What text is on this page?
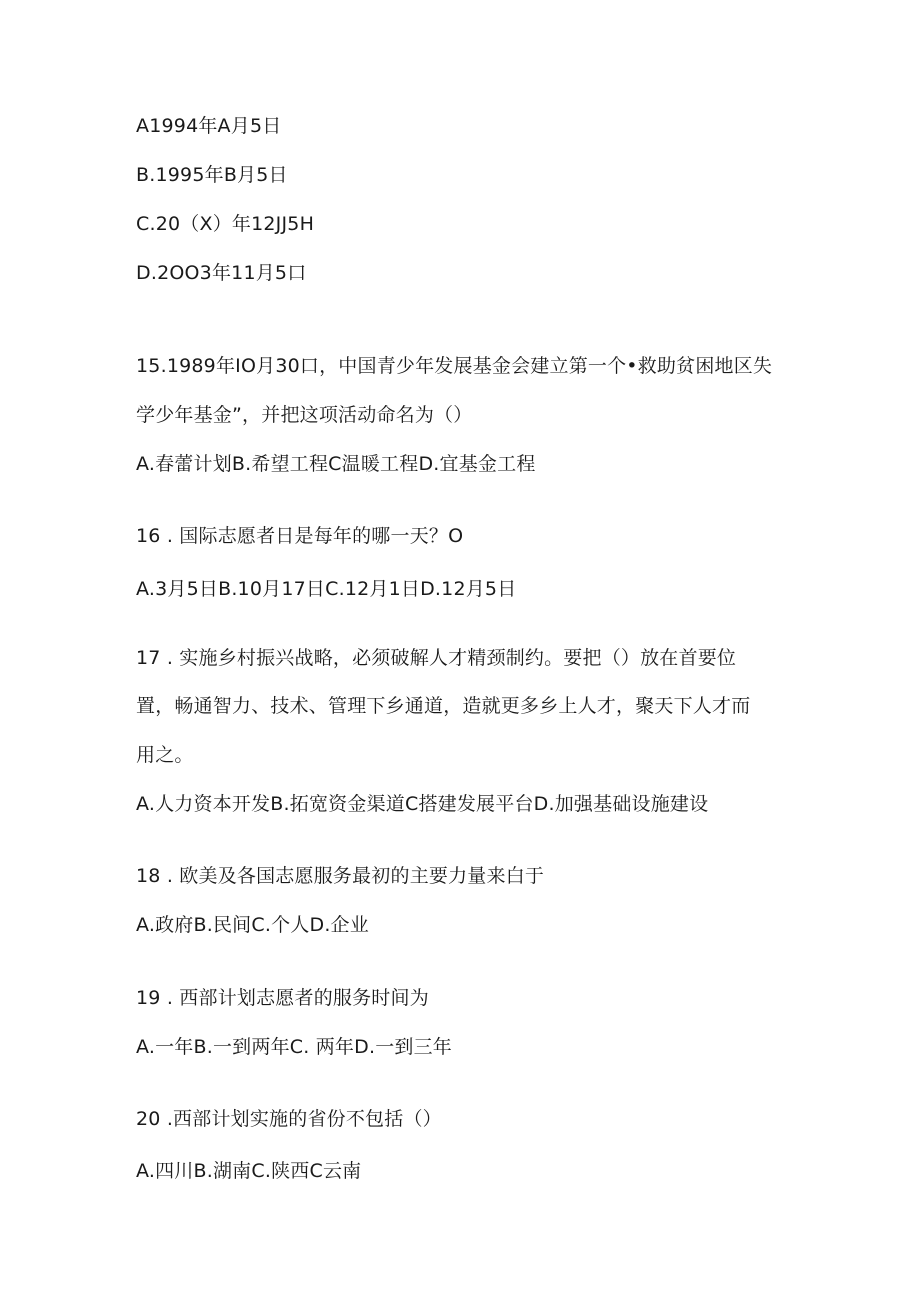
A1994年A月5日
B.1995年B月5日
C.20（X）年12JJ5H
D.2OO3年11月5口
15.1989年IO月30口，中国青少年发展基金会建立第一个•救助贫困地区失
学少年基金”，并把这项活动命名为（）
A.春蕾计划B.希望工程C温暖工程D.宜基金工程
16 . 国际志愿者日是每年的哪一天？O
A.3月5日B.10月17日C.12月1日D.12月5日
17 . 实施乡村振兴战略，必须破解人才精颈制约。要把（）放在首要位
置，畅通智力、技术、管理下乡通道，造就更多乡上人才，聚天下人才而
用之。
A.人力资本开发B.拓宽资金渠道C搭建发展平台D.加强基础设施建设
18 . 欧美及各国志愿服务最初的主要力量来白于
A.政府B.民间C.个人D.企业
19 . 西部计划志愿者的服务时间为
A.一年B.一到两年C. 两年D.一到三年
20 .西部计划实施的省份不包括（）
A.四川B.湖南C.陕西C云南
